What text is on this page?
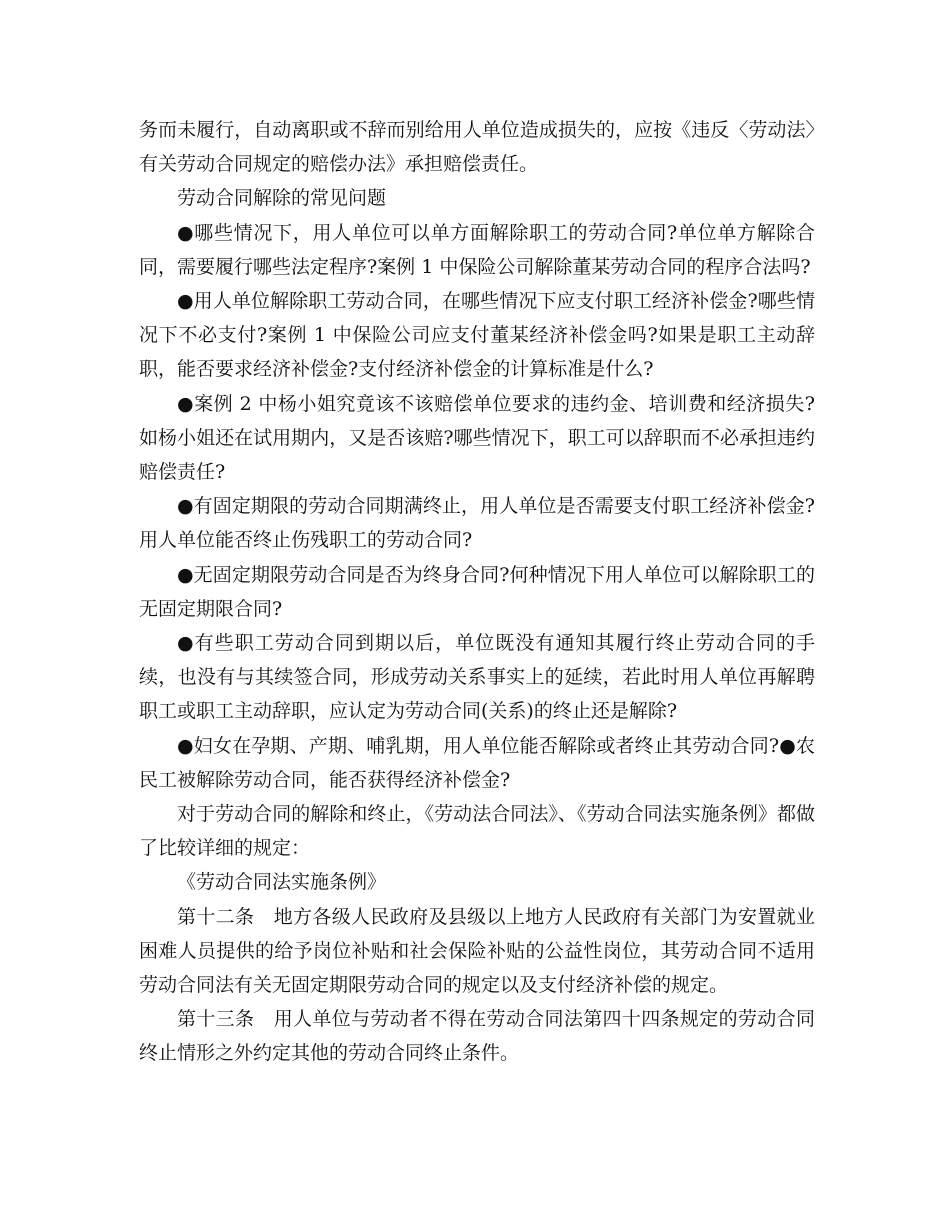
务而未履行，自动离职或不辞而别给用人单位造成损失的，应按《违反〈劳动法〉有关劳动合同规定的赔偿办法》承担赔偿责任。

劳动合同解除的常见问题

●哪些情况下，用人单位可以单方面解除职工的劳动合同?单位单方解除合同，需要履行哪些法定程序?案例 1 中保险公司解除董某劳动合同的程序合法吗?

●用人单位解除职工劳动合同，在哪些情况下应支付职工经济补偿金?哪些情况下不必支付?案例 1 中保险公司应支付董某经济补偿金吗?如果是职工主动辞职，能否要求经济补偿金?支付经济补偿金的计算标准是什么?

●案例 2 中杨小姐究竟该不该赔偿单位要求的违约金、培训费和经济损失?如杨小姐还在试用期内，又是否该赔?哪些情况下，职工可以辞职而不必承担违约赔偿责任?

●有固定期限的劳动合同期满终止，用人单位是否需要支付职工经济补偿金?用人单位能否终止伤残职工的劳动合同?

●无固定期限劳动合同是否为终身合同?何种情况下用人单位可以解除职工的无固定期限合同?

●有些职工劳动合同到期以后，单位既没有通知其履行终止劳动合同的手续，也没有与其续签合同，形成劳动关系事实上的延续，若此时用人单位再解聘职工或职工主动辞职，应认定为劳动合同(关系)的终止还是解除?

●妇女在孕期、产期、哺乳期，用人单位能否解除或者终止其劳动合同?●农民工被解除劳动合同，能否获得经济补偿金?

对于劳动合同的解除和终止，《劳动法合同法》、《劳动合同法实施条例》都做了比较详细的规定：

《劳动合同法实施条例》

第十二条　地方各级人民政府及县级以上地方人民政府有关部门为安置就业困难人员提供的给予岗位补贴和社会保险补贴的公益性岗位，其劳动合同不适用劳动合同法有关无固定期限劳动合同的规定以及支付经济补偿的规定。

第十三条　用人单位与劳动者不得在劳动合同法第四十四条规定的劳动合同终止情形之外约定其他的劳动合同终止条件。
